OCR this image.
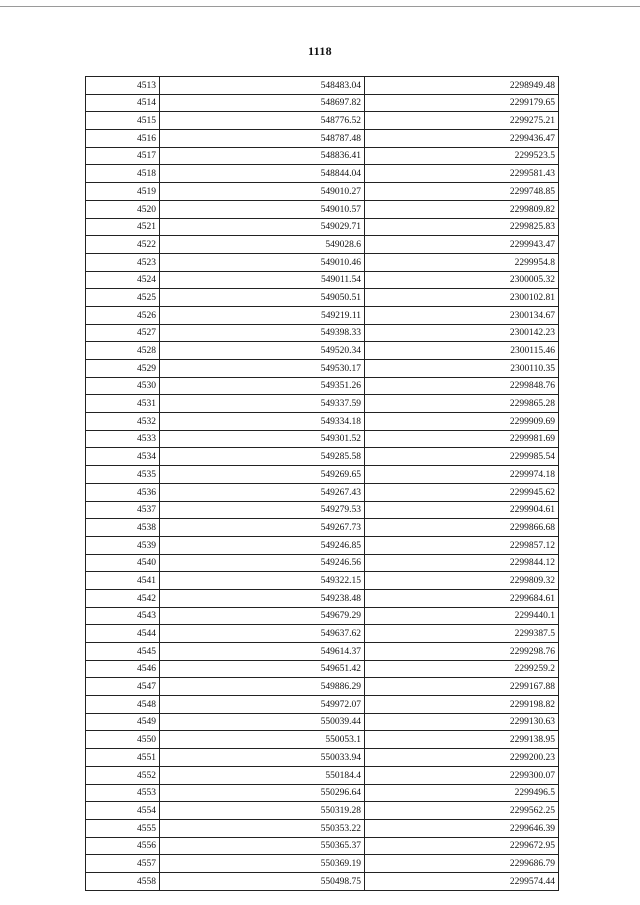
1118
4513	548483.04	2298949.48
4514	548697.82	2299179.65
4515	548776.52	2299275.21
4516	548787.48	2299436.47
4517	548836.41	2299523.5
4518	548844.04	2299581.43
4519	549010.27	2299748.85
4520	549010.57	2299809.82
4521	549029.71	2299825.83
4522	549028.6	2299943.47
4523	549010.46	2299954.8
4524	549011.54	2300005.32
4525	549050.51	2300102.81
4526	549219.11	2300134.67
4527	549398.33	2300142.23
4528	549520.34	2300115.46
4529	549530.17	2300110.35
4530	549351.26	2299848.76
4531	549337.59	2299865.28
4532	549334.18	2299909.69
4533	549301.52	2299981.69
4534	549285.58	2299985.54
4535	549269.65	2299974.18
4536	549267.43	2299945.62
4537	549279.53	2299904.61
4538	549267.73	2299866.68
4539	549246.85	2299857.12
4540	549246.56	2299844.12
4541	549322.15	2299809.32
4542	549238.48	2299684.61
4543	549679.29	2299440.1
4544	549637.62	2299387.5
4545	549614.37	2299298.76
4546	549651.42	2299259.2
4547	549886.29	2299167.88
4548	549972.07	2299198.82
4549	550039.44	2299130.63
4550	550053.1	2299138.95
4551	550033.94	2299200.23
4552	550184.4	2299300.07
4553	550296.64	2299496.5
4554	550319.28	2299562.25
4555	550353.22	2299646.39
4556	550365.37	2299672.95
4557	550369.19	2299686.79
4558	550498.75	2299574.44
